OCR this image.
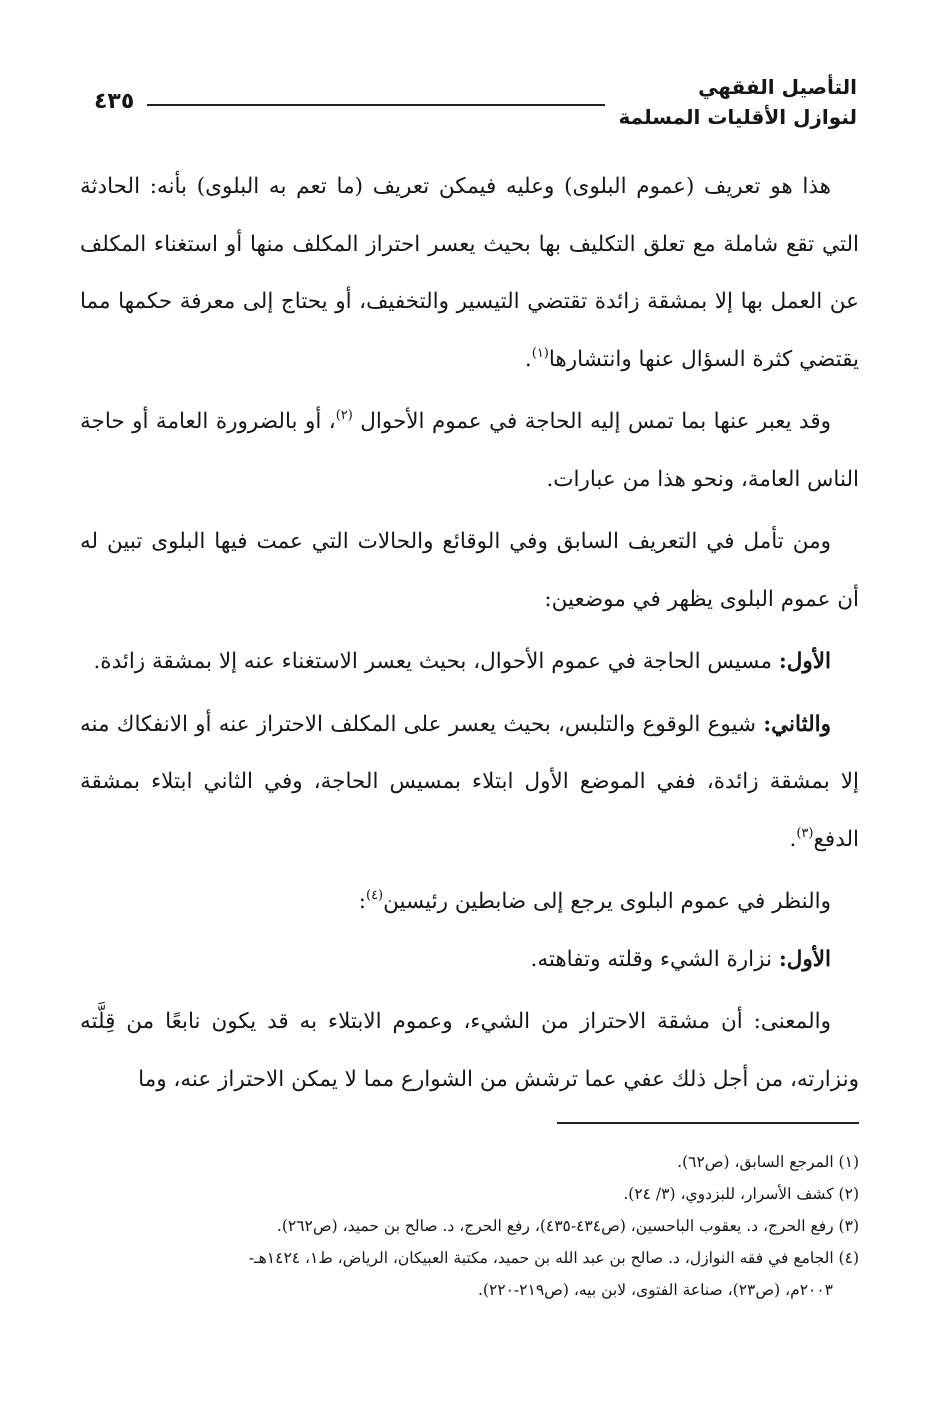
التأصيل الفقهي
لنوازل الأقليات المسلمة
٤٣٥

هذا هو تعريف (عموم البلوى) وعليه فيمكن تعريف (ما تعم به البلوى) بأنه: الحادثة التي تقع شاملة مع تعلق التكليف بها بحيث يعسر احتراز المكلف منها أو استغناء المكلف عن العمل بها إلا بمشقة زائدة تقتضي التيسير والتخفيف، أو يحتاج إلى معرفة حكمها مما يقتضي كثرة السؤال عنها وانتشارها$^{(١)}$.

وقد يعبر عنها بما تمس إليه الحاجة في عموم الأحوال $^{(٢)}$، أو بالضرورة العامة أو حاجة الناس العامة، ونحو هذا من عبارات.

ومن تأمل في التعريف السابق وفي الوقائع والحالات التي عمت فيها البلوى تبين له أن عموم البلوى يظهر في موضعين:

الأول: مسيس الحاجة في عموم الأحوال، بحيث يعسر الاستغناء عنه إلا بمشقة زائدة.

والثاني: شيوع الوقوع والتلبس، بحيث يعسر على المكلف الاحتراز عنه أو الانفكاك منه إلا بمشقة زائدة، ففي الموضع الأول ابتلاء بمسيس الحاجة، وفي الثاني ابتلاء بمشقة الدفع$^{(٣)}$.

والنظر في عموم البلوى يرجع إلى ضابطين رئيسين$^{(٤)}$:

الأول: نزارة الشيء وقلته وتفاهته.

والمعنى: أن مشقة الاحتراز من الشيء، وعموم الابتلاء به قد يكون نابعًا من قِلَّته ونزارته، من أجل ذلك عفي عما ترشش من الشوارع مما لا يمكن الاحتراز عنه، وما

(١) المرجع السابق، (ص٦٢).

(٢) كشف الأسرار، للبزدوي، (٣/ ٢٤).

(٣) رفع الحرج، د. يعقوب الباحسين، (ص٤٣٤-٤٣٥)، رفع الحرج، د. صالح بن حميد، (ص٢٦٢).

(٤) الجامع في فقه النوازل، د. صالح بن عبد الله بن حميد، مكتبة العبيكان، الرياض، ط١، ١٤٢٤هـ-

٢٠٠٣م، (ص٢٣)، صناعة الفتوى، لابن بيه، (ص٢١٩-٢٢٠).
